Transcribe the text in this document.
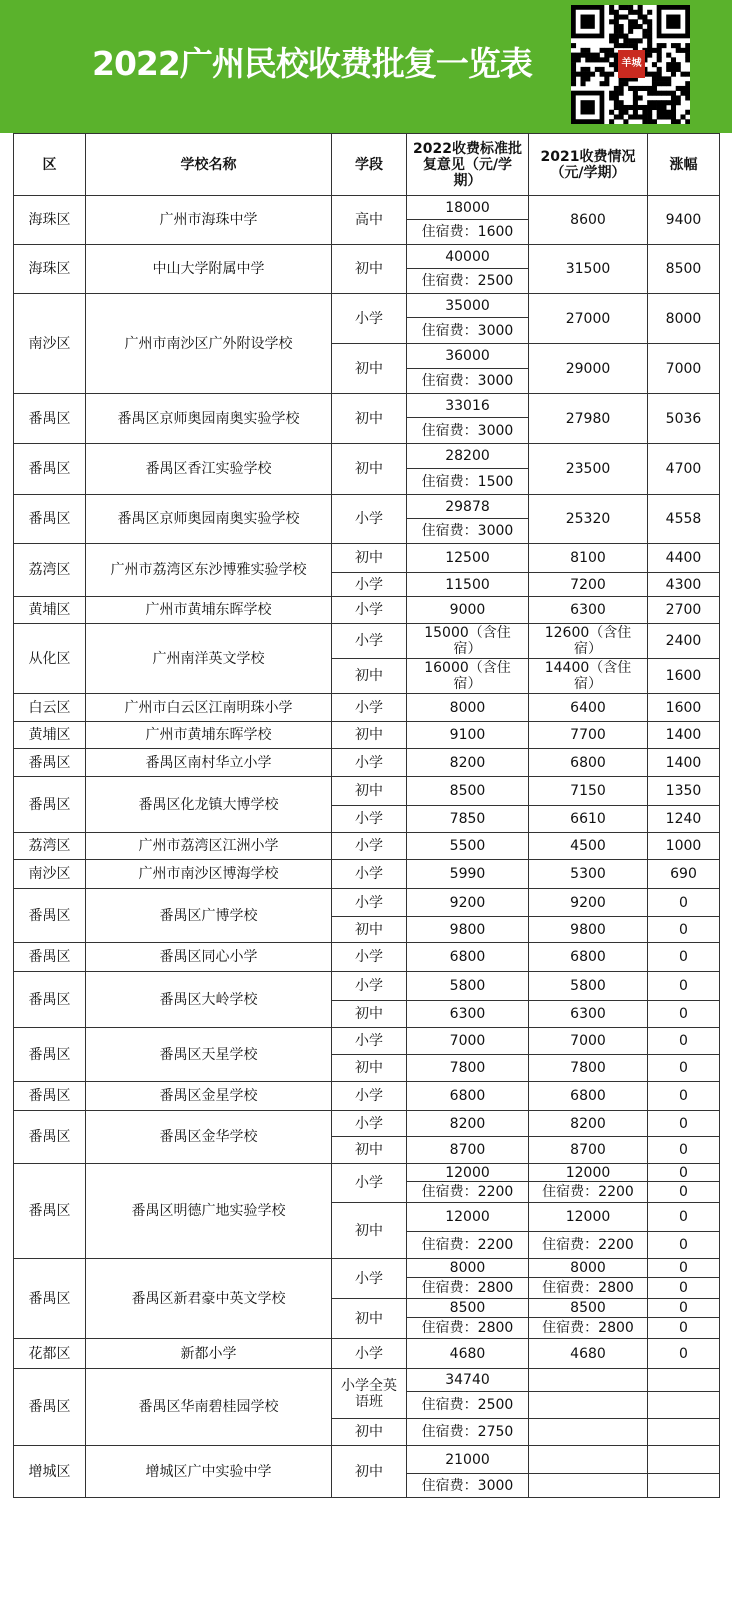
2022广州民校收费批复一览表	羊城
区	学校名称	学段	2022收费标准批复意见（元/学期）	2021收费情况（元/学期）	涨幅
海珠区	广州市海珠中学	高中	18000	8600	9400
			住宿费：1600		
海珠区	中山大学附属中学	初中	40000	31500	8500
			住宿费：2500		
南沙区	广州市南沙区广外附设学校	小学	35000	27000	8000
			住宿费：3000		
		初中	36000	29000	7000
			住宿费：3000		
番禺区	番禺区京师奥园南奥实验学校	初中	33016	27980	5036
			住宿费：3000		
番禺区	番禺区香江实验学校	初中	28200	23500	4700
			住宿费：1500		
番禺区	番禺区京师奥园南奥实验学校	小学	29878	25320	4558
			住宿费：3000		
荔湾区	广州市荔湾区东沙博雅实验学校	初中	12500	8100	4400
		小学	11500	7200	4300
黄埔区	广州市黄埔东晖学校	小学	9000	6300	2700
从化区	广州南洋英文学校	小学	15000（含住宿）	12600（含住宿）	2400
		初中	16000（含住宿）	14400（含住宿）	1600
白云区	广州市白云区江南明珠小学	小学	8000	6400	1600
黄埔区	广州市黄埔东晖学校	初中	9100	7700	1400
番禺区	番禺区南村华立小学	小学	8200	6800	1400
番禺区	番禺区化龙镇大博学校	初中	8500	7150	1350
		小学	7850	6610	1240
荔湾区	广州市荔湾区江洲小学	小学	5500	4500	1000
南沙区	广州市南沙区博海学校	小学	5990	5300	690
番禺区	番禺区广博学校	小学	9200	9200	0
		初中	9800	9800	0
番禺区	番禺区同心小学	小学	6800	6800	0
番禺区	番禺区大岭学校	小学	5800	5800	0
		初中	6300	6300	0
番禺区	番禺区天星学校	小学	7000	7000	0
		初中	7800	7800	0
番禺区	番禺区金星学校	小学	6800	6800	0
番禺区	番禺区金华学校	小学	8200	8200	0
		初中	8700	8700	0
番禺区	番禺区明德广地实验学校	小学	12000	12000	0
			住宿费：2200	住宿费：2200	0
		初中	12000	12000	0
			住宿费：2200	住宿费：2200	0
番禺区	番禺区新君豪中英文学校	小学	8000	8000	0
			住宿费：2800	住宿费：2800	0
		初中	8500	8500	0
			住宿费：2800	住宿费：2800	0
花都区	新都小学	小学	4680	4680	0
番禺区	番禺区华南碧桂园学校	小学全英语班	34740		
			住宿费：2500		
		初中	住宿费：2750		
增城区	增城区广中实验中学	初中	21000		
			住宿费：3000		
